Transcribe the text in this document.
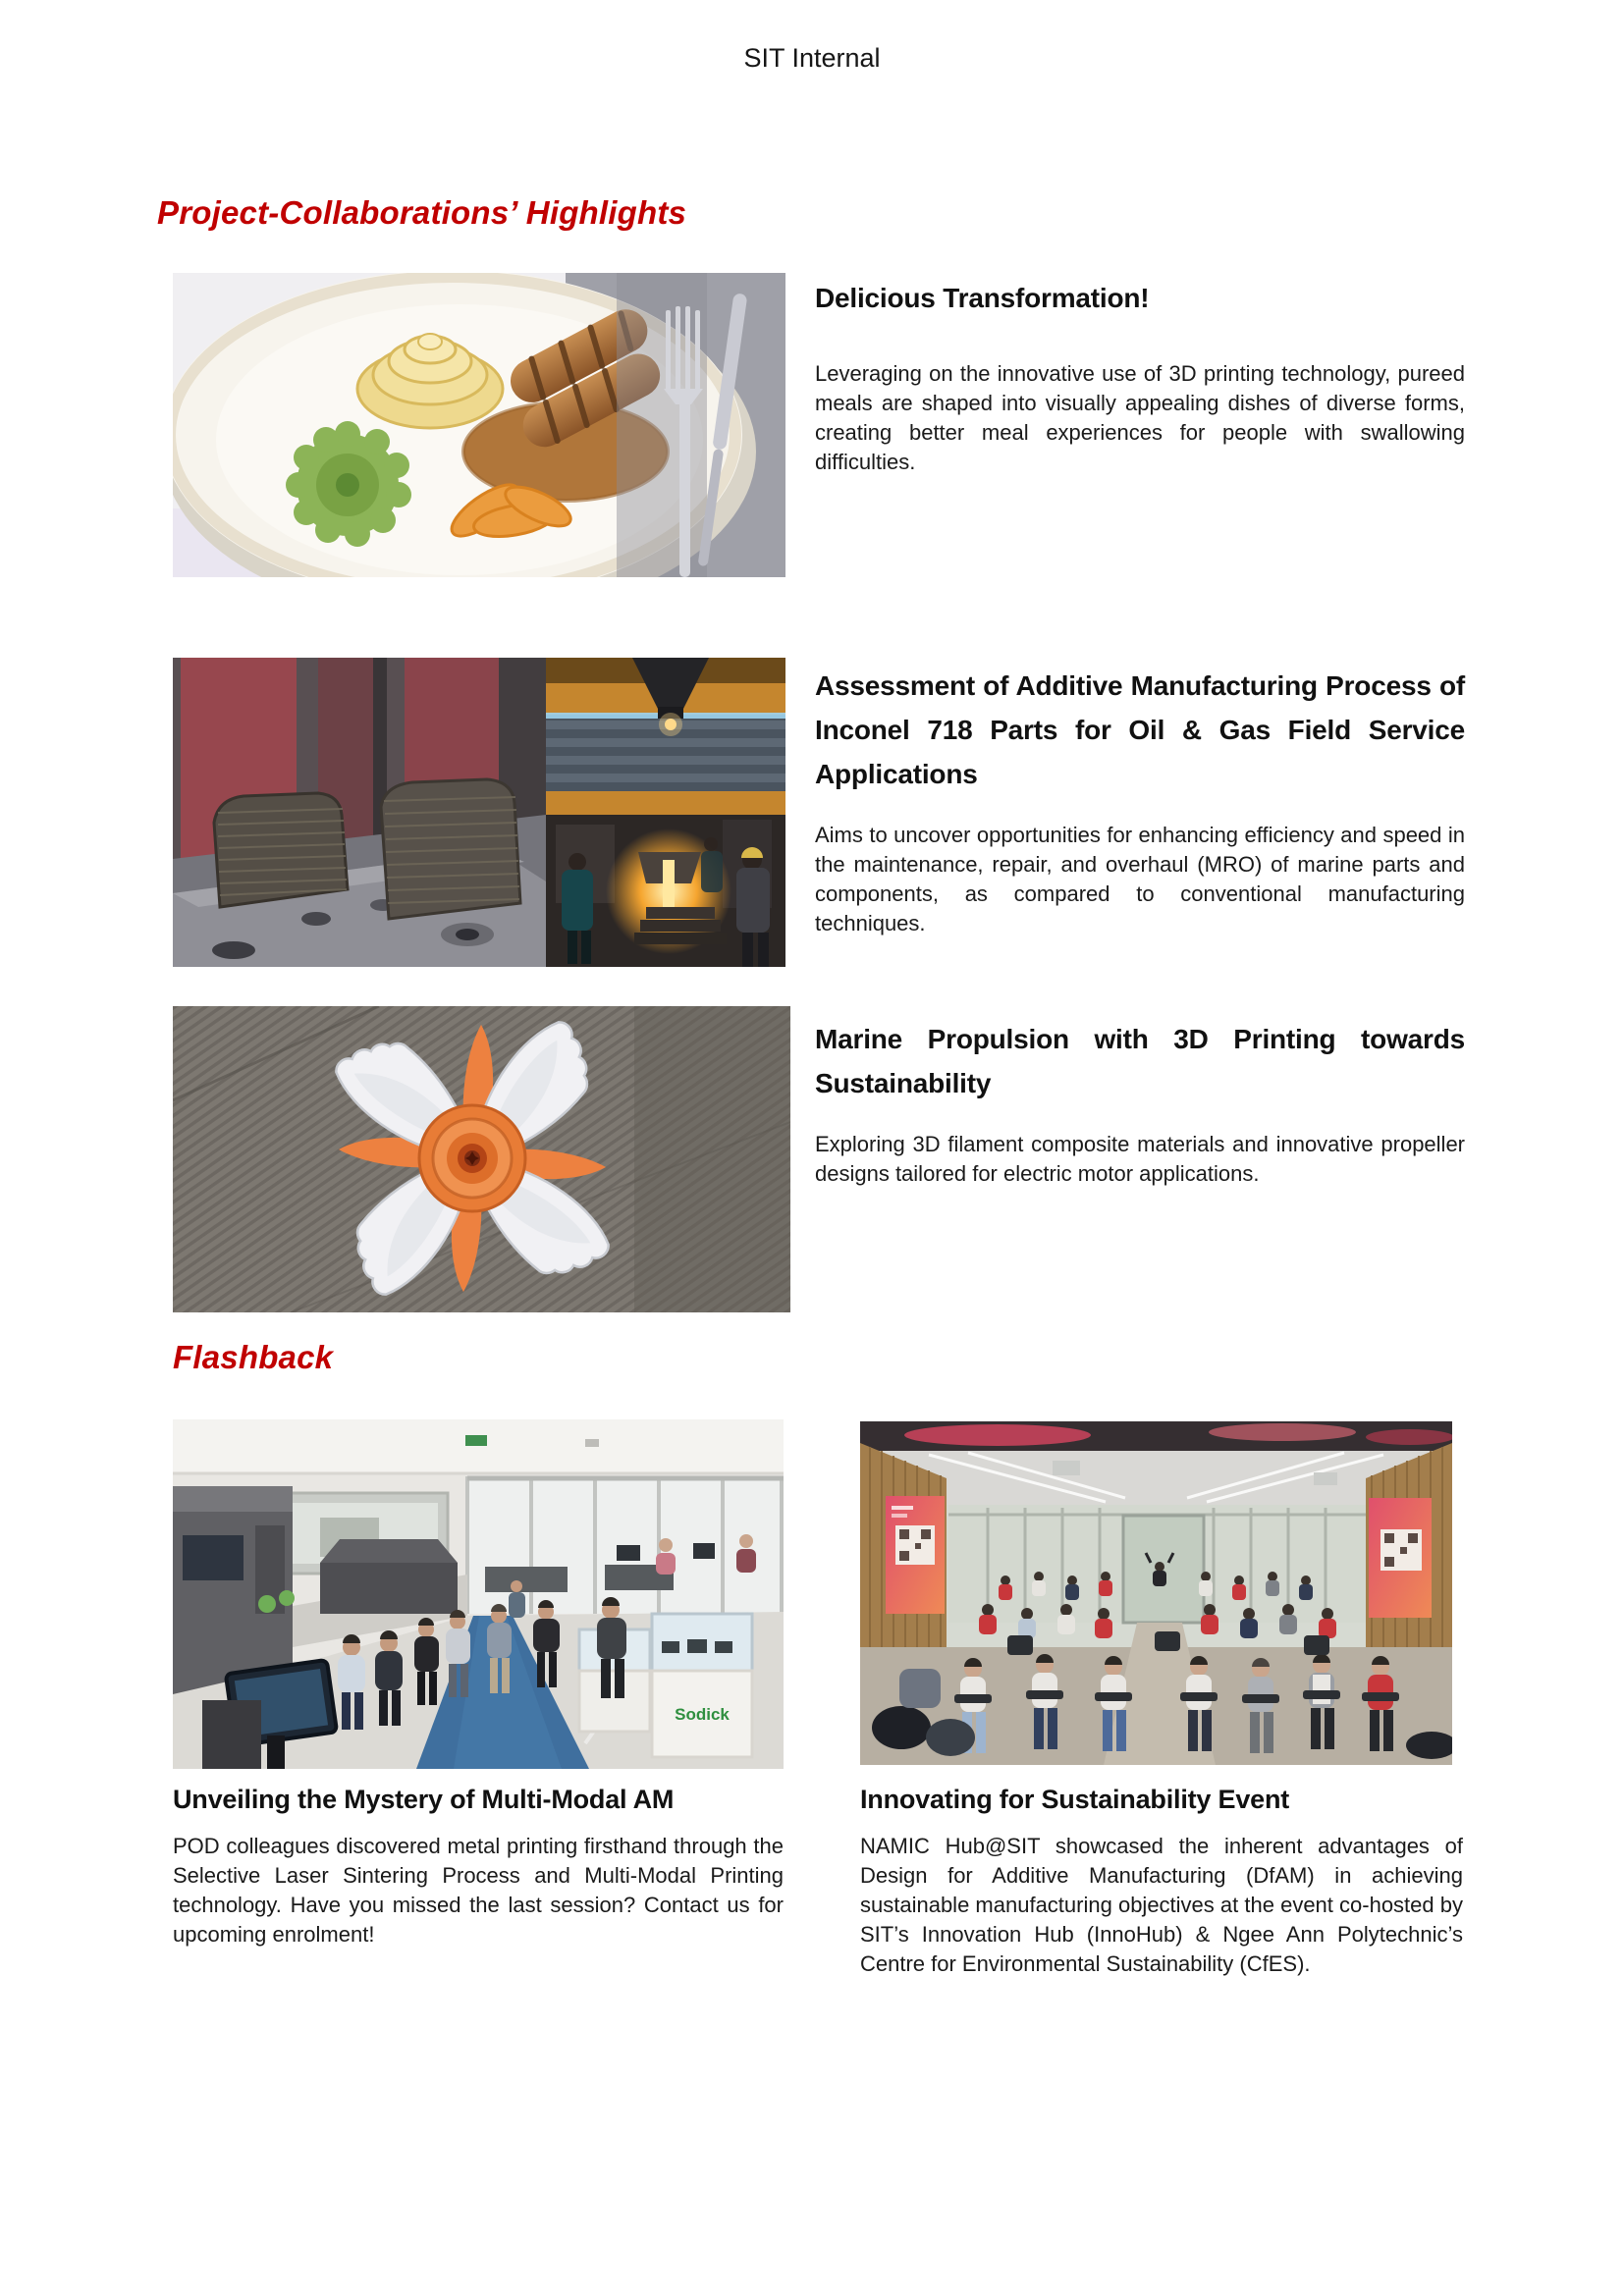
SIT Internal
Project-Collaborations’ Highlights
Delicious Transformation!

Leveraging on the innovative use of 3D printing technology, pureed meals are shaped into visually appealing dishes of diverse forms, creating better meal experiences for people with swallowing difficulties.

Assessment of Additive Manufacturing Process of Inconel 718 Parts for Oil & Gas Field Service Applications

Aims to uncover opportunities for enhancing efficiency and speed in the maintenance, repair, and overhaul (MRO) of marine parts and components, as compared to conventional manufacturing techniques.

Marine Propulsion with 3D Printing towards Sustainability

Exploring 3D filament composite materials and innovative propeller designs tailored for electric motor applications.

Flashback
Sodick
Unveiling the Mystery of Multi-Modal AM

POD colleagues discovered metal printing firsthand through the Selective Laser Sintering Process and Multi-Modal Printing technology. Have you missed the last session? Contact us for upcoming enrolment!

Innovating for Sustainability Event

NAMIC Hub@SIT showcased the inherent advantages of Design for Additive Manufacturing (DfAM) in achieving sustainable manufacturing objectives at the event co-hosted by SIT’s Innovation Hub (InnoHub) & Ngee Ann Polytechnic’s Centre for Environmental Sustainability (CfES).
